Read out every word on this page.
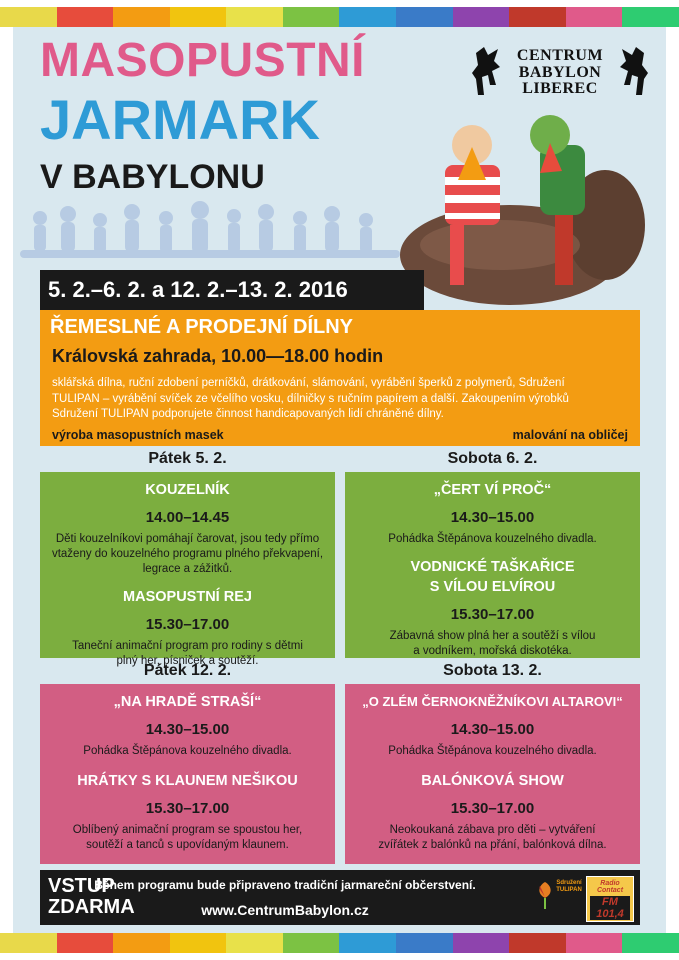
MASOPUSTNÍ
JARMARK
V BABYLONU
CENTRUM
BABYLON
LIBEREC
5. 2.–6. 2. a 12. 2.–13. 2. 2016
ŘEMESLNÉ A PRODEJNÍ DÍLNY
Královská zahrada, 10.00—18.00 hodin
sklářská dílna, ruční zdobení perníčků, drátkování, slámování, vyrábění šperků z polymerů, Sdružení TULIPAN – vyrábění svíček ze včelího vosku, dílničky s ručním papírem a další. Zakoupením výrobků Sdružení TULIPAN podporujete činnost handicapovaných lidí chráněné dílny.
výroba masopustních masek	malování na obličej
Pátek 5. 2.	Sobota 6. 2.
Pátek 12. 2.	Sobota 13. 2.
KOUZELNÍK
14.00–14.45
Děti kouzelníkovi pomáhají čarovat, jsou tedy přímo
vtaženy do kouzelného programu plného překvapení,
legrace a zážitků.
MASOPUSTNÍ REJ
15.30–17.00
Taneční animační program pro rodiny s dětmi
plný her, písniček a soutěží.
„ČERT VÍ PROČ“
14.30–15.00
Pohádka Štěpánova kouzelného divadla.
VODNICKÉ TAŠKAŘICE
S VÍLOU ELVÍROU
15.30–17.00
Zábavná show plná her a soutěží s vílou
a vodníkem, mořská diskotéka.
„NA HRADĚ STRAŠÍ“
14.30–15.00
Pohádka Štěpánova kouzelného divadla.
HRÁTKY S KLAUNEM NEŠIKOU
15.30–17.00
Oblíbený animační program se spoustou her,
soutěží a tanců s upovídaným klaunem.
„O ZLÉM ČERNOKNĚŽNÍKOVI ALTAROVI“
14.30–15.00
Pohádka Štěpánova kouzelného divadla.
BALÓNKOVÁ SHOW
15.30–17.00
Neokoukaná zábava pro děti – vytváření
zvířátek z balónků na přání, balónková dílna.
VSTUP
ZDARMA
Během programu bude připraveno tradiční jarmareční občerstvení.
www.CentrumBabylon.cz
Sdružení TULIPAN
Radio Contact
FM 101,4
